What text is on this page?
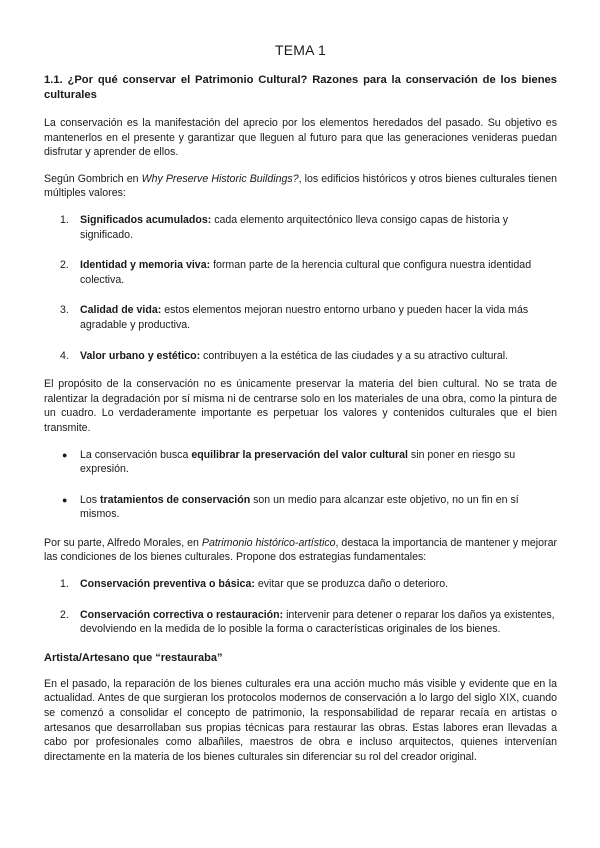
TEMA 1
1.1. ¿Por qué conservar el Patrimonio Cultural? Razones para la conservación de los bienes culturales

La conservación es la manifestación del aprecio por los elementos heredados del pasado. Su objetivo es mantenerlos en el presente y garantizar que lleguen al futuro para que las generaciones venideras puedan disfrutar y aprender de ellos.

Según Gombrich en Why Preserve Historic Buildings?, los edificios históricos y otros bienes culturales tienen múltiples valores:

1. Significados acumulados: cada elemento arquitectónico lleva consigo capas de historia y significado.
2. Identidad y memoria viva: forman parte de la herencia cultural que configura nuestra identidad colectiva.
3. Calidad de vida: estos elementos mejoran nuestro entorno urbano y pueden hacer la vida más agradable y productiva.
4. Valor urbano y estético: contribuyen a la estética de las ciudades y a su atractivo cultural.

El propósito de la conservación no es únicamente preservar la materia del bien cultural. No se trata de ralentizar la degradación por sí misma ni de centrarse solo en los materiales de una obra, como la pintura de un cuadro. Lo verdaderamente importante es perpetuar los valores y contenidos culturales que el bien transmite.

● La conservación busca equilibrar la preservación del valor cultural sin poner en riesgo su expresión.
● Los tratamientos de conservación son un medio para alcanzar este objetivo, no un fin en sí mismos.

Por su parte, Alfredo Morales, en Patrimonio histórico-artístico, destaca la importancia de mantener y mejorar las condiciones de los bienes culturales. Propone dos estrategias fundamentales:

1. Conservación preventiva o básica: evitar que se produzca daño o deterioro.
2. Conservación correctiva o restauración: intervenir para detener o reparar los daños ya existentes, devolviendo en la medida de lo posible la forma o características originales de los bienes.
Artista/Artesano que “restauraba”

En el pasado, la reparación de los bienes culturales era una acción mucho más visible y evidente que en la actualidad. Antes de que surgieran los protocolos modernos de conservación a lo largo del siglo XIX, cuando se comenzó a consolidar el concepto de patrimonio, la responsabilidad de reparar recaía en artistas o artesanos que desarrollaban sus propias técnicas para restaurar las obras. Estas labores eran llevadas a cabo por profesionales como albañiles, maestros de obra e incluso arquitectos, quienes intervenían directamente en la materia de los bienes culturales sin diferenciar su rol del creador original.
